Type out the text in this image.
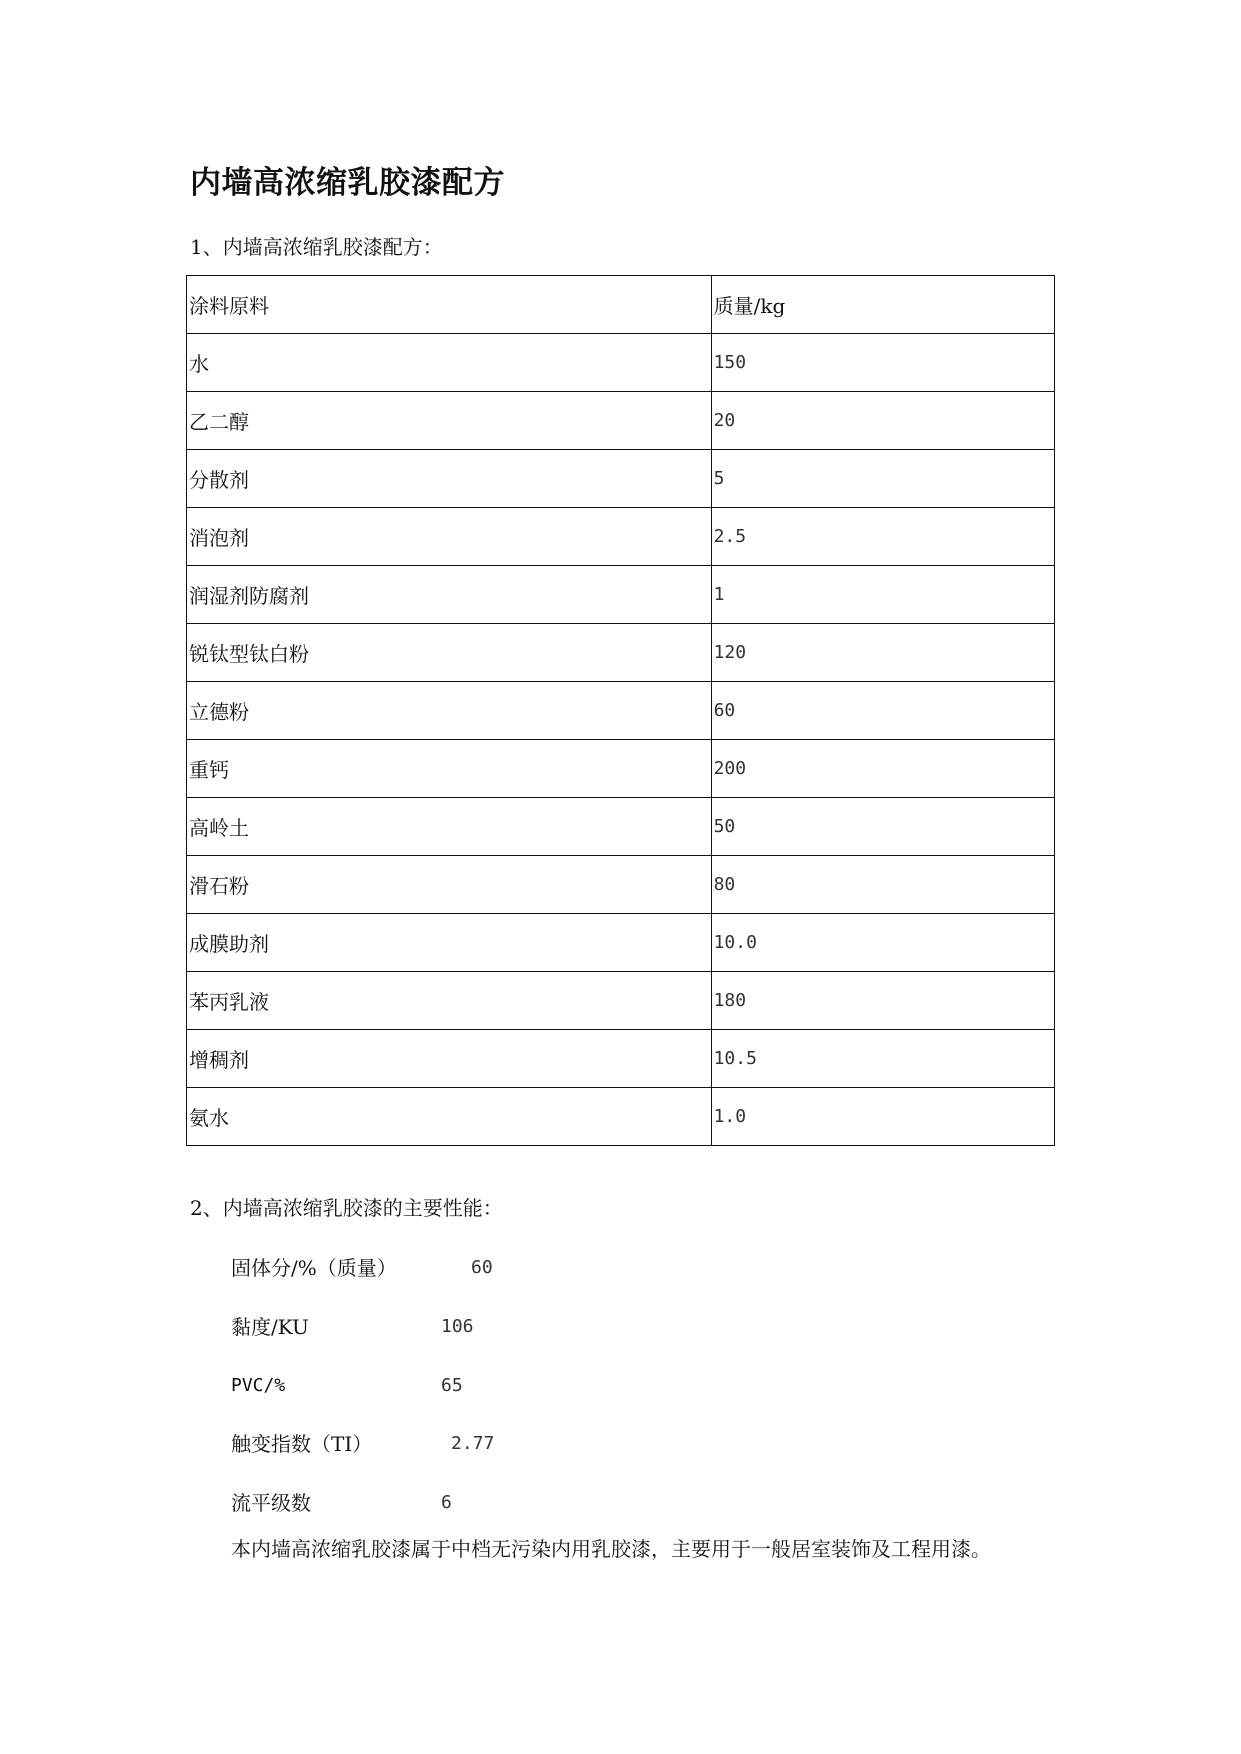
内墙高浓缩乳胶漆配方

1、内墙高浓缩乳胶漆配方：

涂料原料	质量/kg
水	150
乙二醇	20
分散剂	5
消泡剂	2.5
润湿剂防腐剂	1
锐钛型钛白粉	120
立德粉	60
重钙	200
高岭土	50
滑石粉	80
成膜助剂	10.0
苯丙乳液	180
增稠剂	10.5
氨水	1.0

2、内墙高浓缩乳胶漆的主要性能：

固体分/%（质量）	60
黏度/KU	106
PVC/%	65
触变指数（TI）	2.77
流平级数	6

本内墙高浓缩乳胶漆属于中档无污染内用乳胶漆，主要用于一般居室装饰及工程用漆。
